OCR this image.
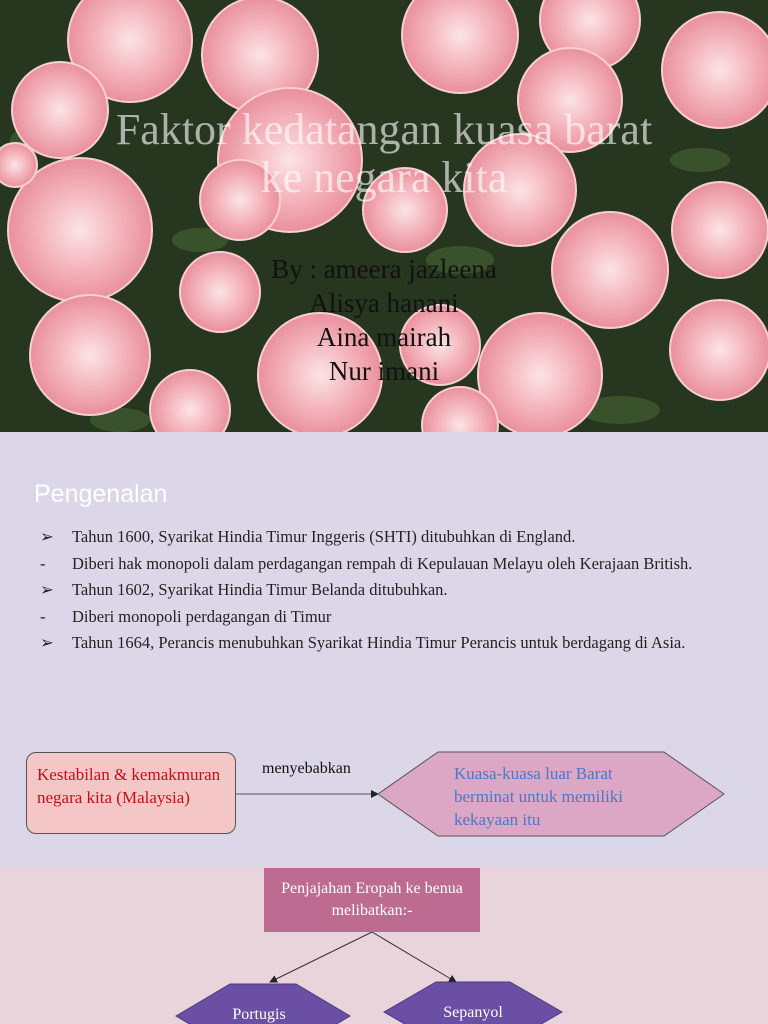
Faktor kedatangan kuasa barat
ke negara kita
By : ameera jazleena
Alisya hanani
Aina mairah
Nur imani
Pengenalan
➢	Tahun 1600, Syarikat Hindia Timur Inggeris (SHTI) ditubuhkan di England.
-	Diberi hak monopoli dalam perdagangan rempah di Kepulauan Melayu oleh Kerajaan British.
➢	Tahun 1602, Syarikat Hindia Timur Belanda ditubuhkan.
-	Diberi monopoli perdagangan di Timur
➢	Tahun 1664, Perancis menubuhkan Syarikat Hindia Timur Perancis untuk berdagang di Asia.
Kestabilan & kemakmuran negara kita (Malaysia)
menyebabkan	Kuasa-kuasa luar Barat berminat untuk memiliki kekayaan itu
Penjajahan Eropah ke benua melibatkan:-
Portugis	Sepanyol
